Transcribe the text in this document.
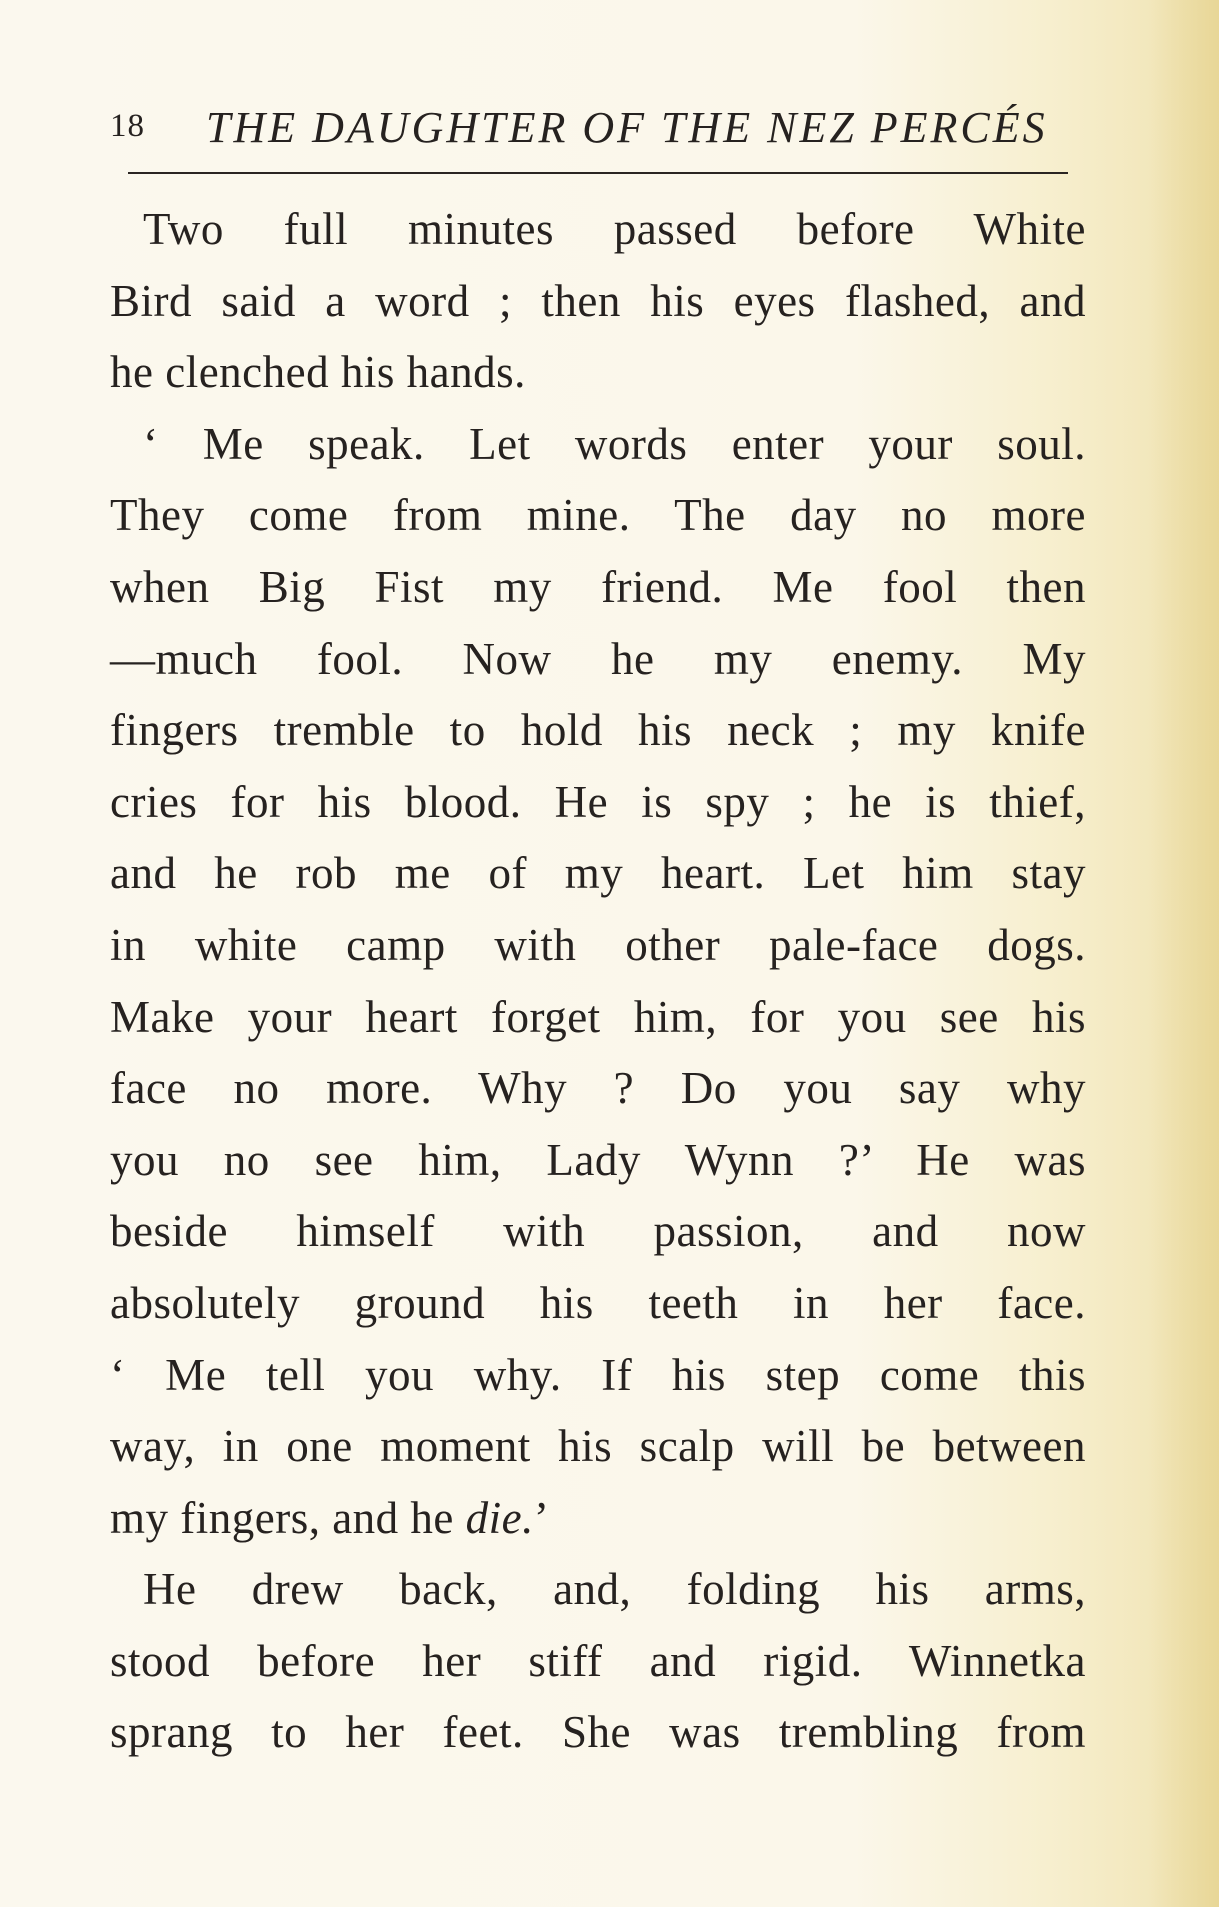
18 THE DAUGHTER OF THE NEZ PERCÉS
Two full minutes passed before White
Bird said a word ; then his eyes flashed, and
he clenched his hands.
‘ Me speak. Let words enter your soul.
They come from mine. The day no more
when Big Fist my friend. Me fool then
—much fool. Now he my enemy. My
fingers tremble to hold his neck ; my knife
cries for his blood. He is spy ; he is thief,
and he rob me of my heart. Let him stay
in white camp with other pale-face dogs.
Make your heart forget him, for you see his
face no more. Why ? Do you say why
you no see him, Lady Wynn ?’ He was
beside himself with passion, and now
absolutely ground his teeth in her face.
‘ Me tell you why. If his step come this
way, in one moment his scalp will be between
my fingers, and he die.’
He drew back, and, folding his arms,
stood before her stiff and rigid. Winnetka
sprang to her feet. She was trembling from
